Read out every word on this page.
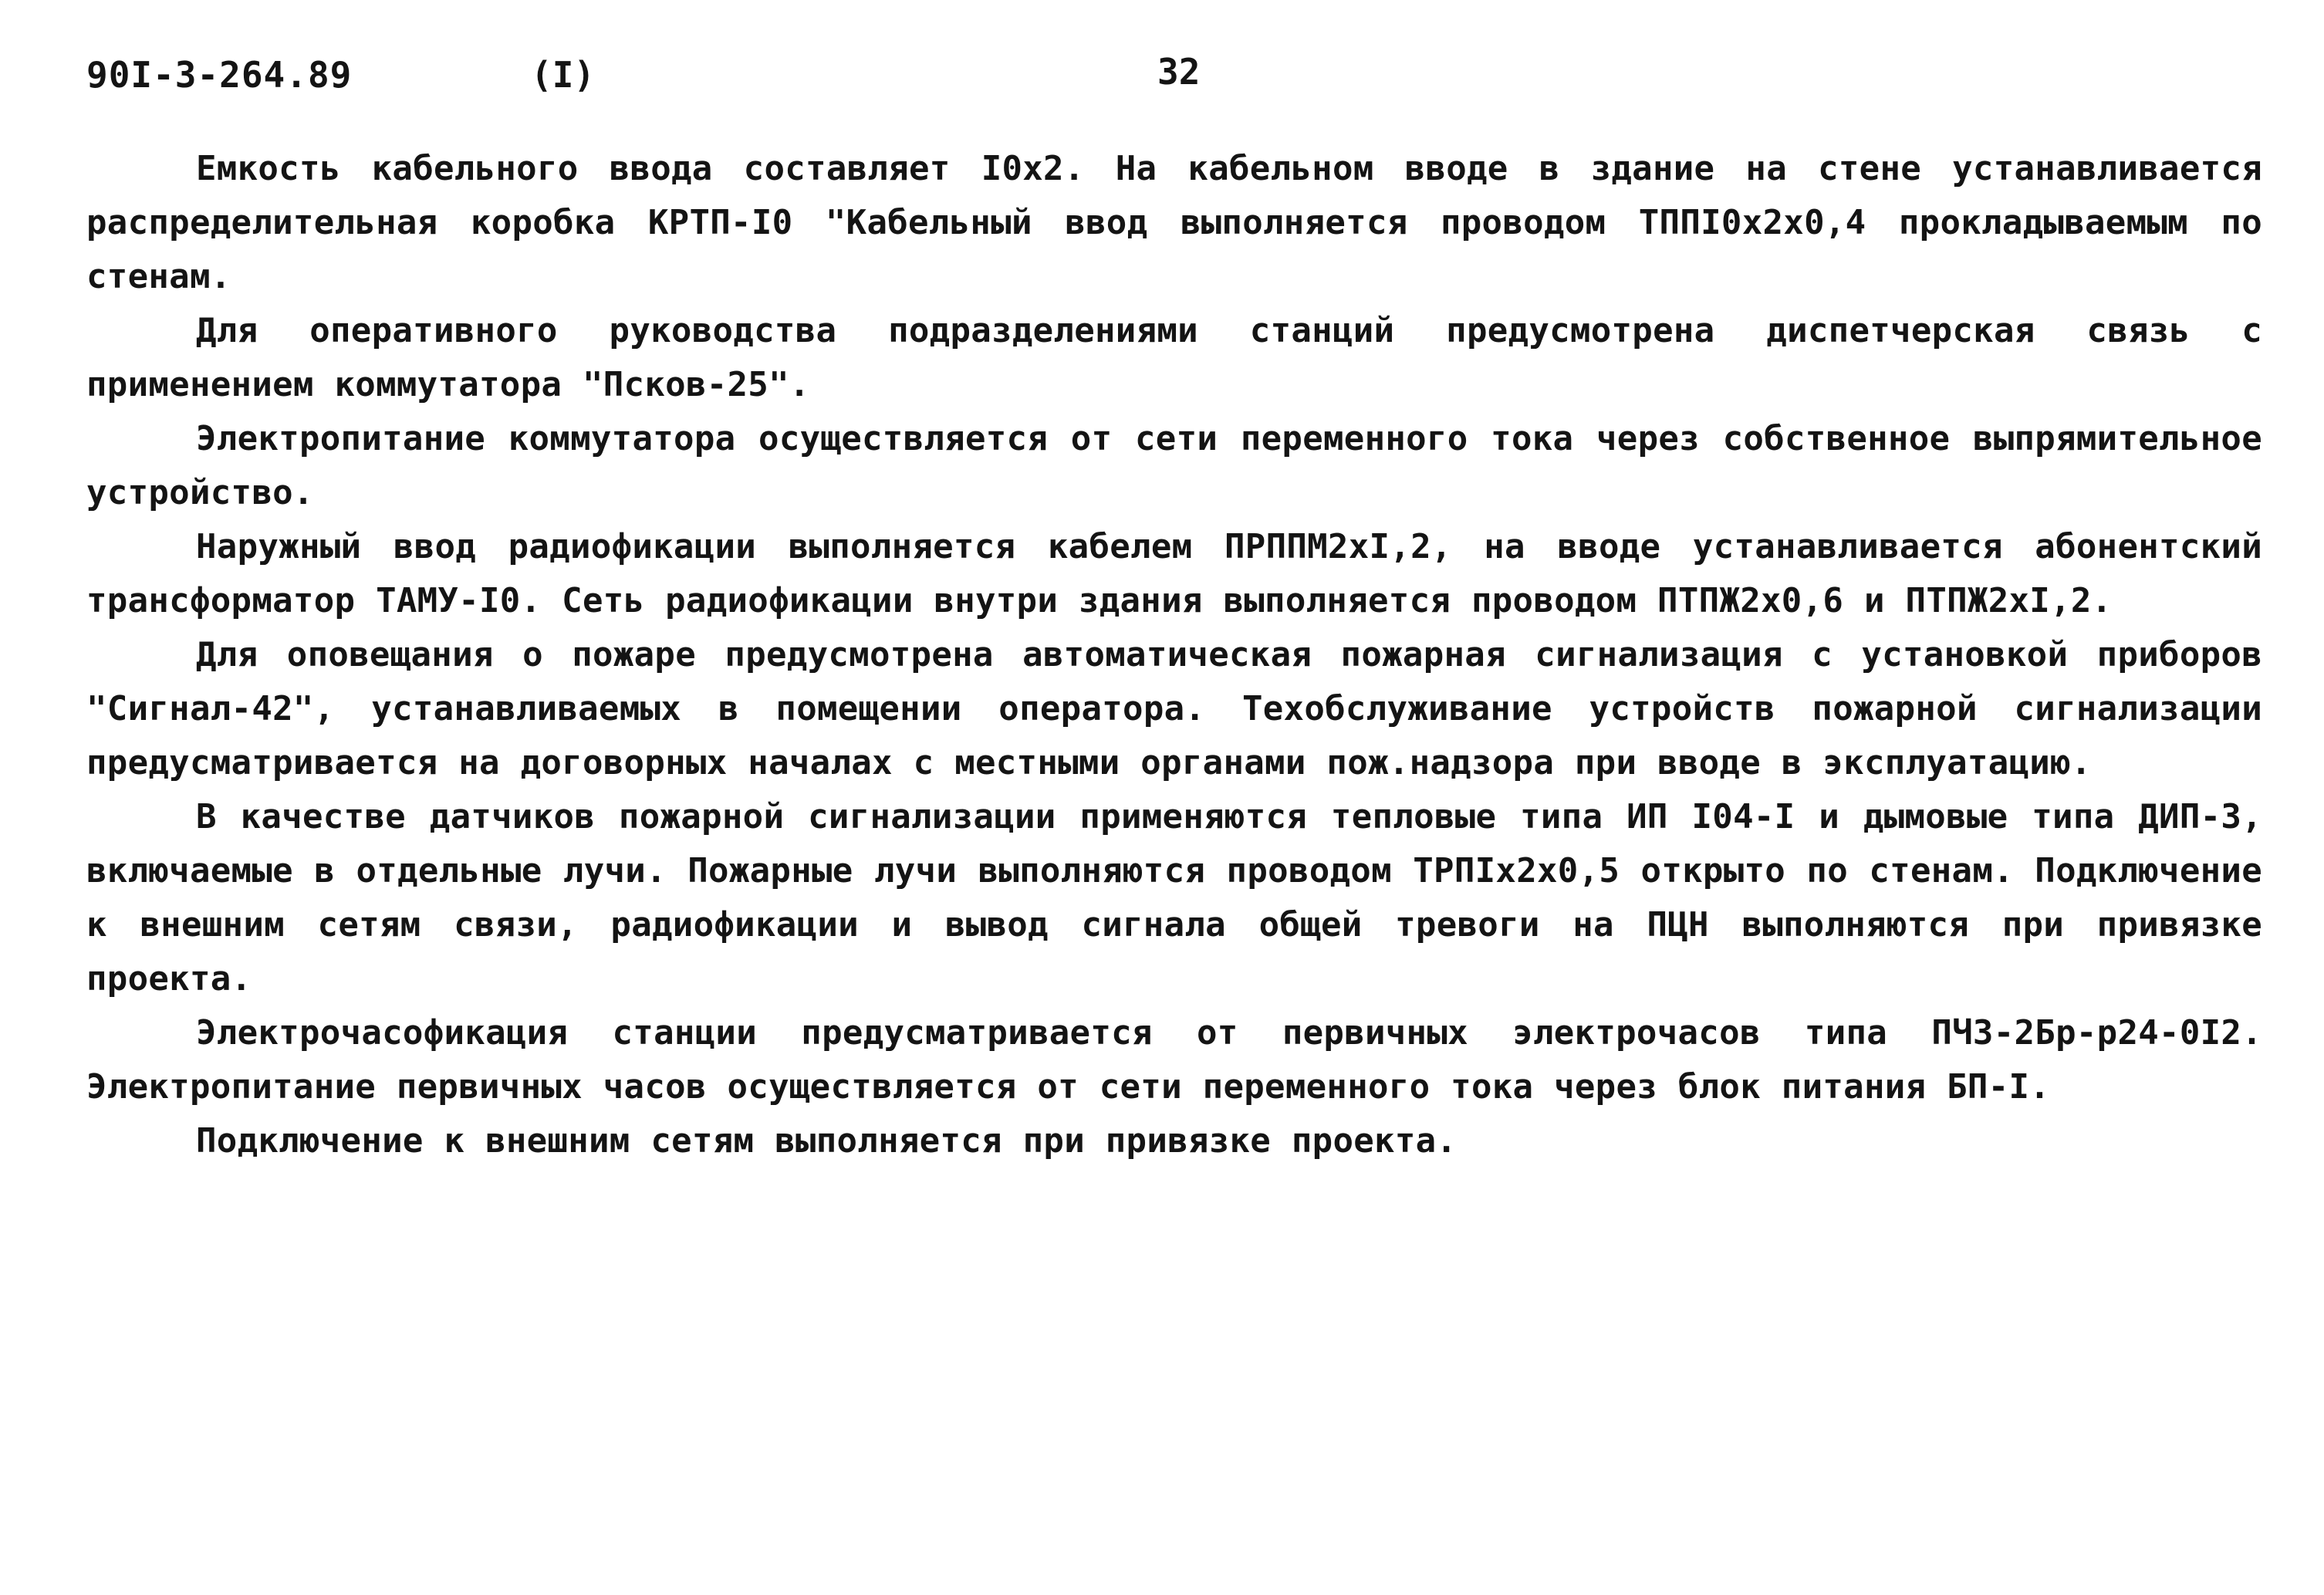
90I-3-264.89	(I)	32

Емкость кабельного ввода составляет I0x2. На кабельном вводе в здание на стене устанавливается распределительная коробка КРТП-I0 "Кабельный ввод выполняется проводом ТППI0x2x0,4 прокладываемым по стенам.

Для оперативного руководства подразделениями станций предусмотрена диспетчерская связь с применением коммутатора "Псков-25".

Электропитание коммутатора осуществляется от сети переменного тока через собственное выпрямительное устройство.

Наружный ввод радиофикации выполняется кабелем ПРППМ2хI,2, на вводе устанавливается абонентский трансформатор ТАМУ-I0. Сеть радиофикации внутри здания выполняется проводом ПТПЖ2х0,6 и ПТПЖ2хI,2.

Для оповещания о пожаре предусмотрена автоматическая пожарная сигнализация с установкой приборов "Сигнал-42", устанавливаемых в помещении оператора. Техобслуживание устройств пожарной сигнализации предусматривается на договорных началах с местными органами пож.надзора при вводе в эксплуатацию.

В качестве датчиков пожарной сигнализации применяются тепловые типа ИП I04-I и дымовые типа ДИП-3, включаемые в отдельные лучи. Пожарные лучи выполняются проводом ТРПIх2х0,5 открыто по стенам. Подключение к внешним сетям связи, радиофикации и вывод сигнала общей тревоги на ПЦН выполняются при привязке проекта.

Электрочасофикация станции предусматривается от первичных электрочасов типа ПЧЗ-2Бр-р24-0I2. Электропитание первичных часов осуществляется от сети переменного тока через блок питания БП-I.

Подключение к внешним сетям выполняется при привязке проекта.
